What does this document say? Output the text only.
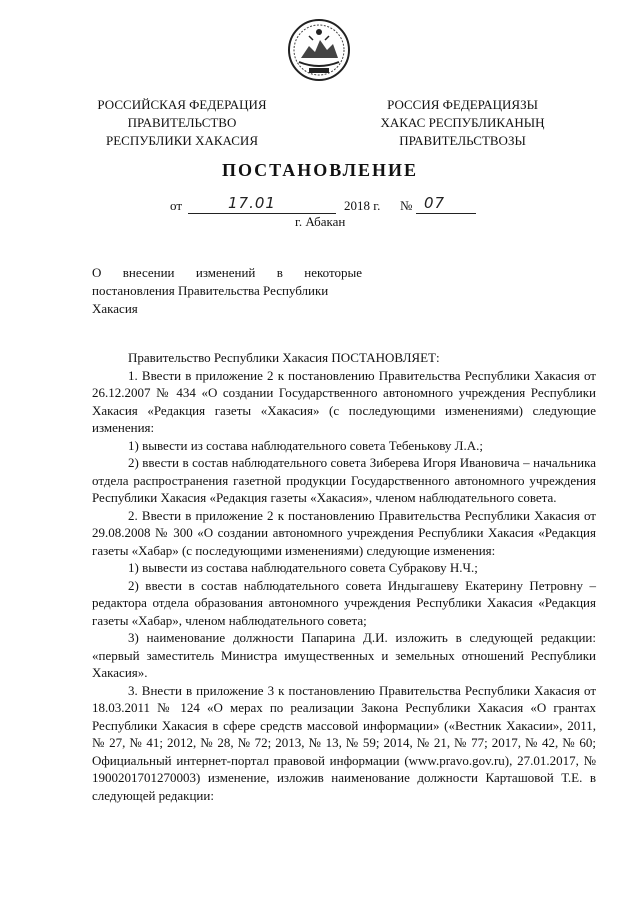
РОССИЙСКАЯ ФЕДЕРАЦИЯ
ПРАВИТЕЛЬСТВО
РЕСПУБЛИКИ ХАКАСИЯ
РОССИЯ ФЕДЕРАЦИЯЗЫ
ХАКАС РЕСПУБЛИКАНЫҢ
ПРАВИТЕЛЬСТВОЗЫ
ПОСТАНОВЛЕНИЕ
от	17.01	2018 г. № 07
г. Абакан
О внесении изменений в некоторые
постановления Правительства Республики
Хакасия

Правительство Республики Хакасия ПОСТАНОВЛЯЕТ:

1. Ввести в приложение 2 к постановлению Правительства Республики Хакасия от 26.12.2007 № 434 «О создании Государственного автономного учреждения Республики Хакасия «Редакция газеты «Хакасия» (с последующими изменениями) следующие изменения:

1) вывести из состава наблюдательного совета Тебенькову Л.А.;

2) ввести в состав наблюдательного совета Зиберева Игоря Ивановича – начальника отдела распространения газетной продукции Государственного автономного учреждения Республики Хакасия «Редакция газеты «Хакасия», членом наблюдательного совета.

2. Ввести в приложение 2 к постановлению Правительства Республики Хакасия от 29.08.2008 № 300 «О создании автономного учреждения Республики Хакасия «Редакция газеты «Хабар» (с последующими изменениями) следующие изменения:

1) вывести из состава наблюдательного совета Субракову Н.Ч.;

2) ввести в состав наблюдательного совета Индыгашеву Екатерину Петровну – редактора отдела образования автономного учреждения Республики Хакасия «Редакция газеты «Хабар», членом наблюдательного совета;

3) наименование должности Папарина Д.И. изложить в следующей редакции: «первый заместитель Министра имущественных и земельных отношений Республики Хакасия».

3. Внести в приложение 3 к постановлению Правительства Республики Хакасия от 18.03.2011 № 124 «О мерах по реализации Закона Республики Хакасия «О грантах Республики Хакасия в сфере средств массовой информации» («Вестник Хакасии», 2011, № 27, № 41; 2012, № 28, № 72; 2013, № 13, № 59; 2014, № 21, № 77; 2017, № 42, № 60; Официальный интернет-портал правовой информации (www.pravo.gov.ru), 27.01.2017, № 1900201701270003) изменение, изложив наименование должности Карташовой Т.Е. в следующей редакции:
